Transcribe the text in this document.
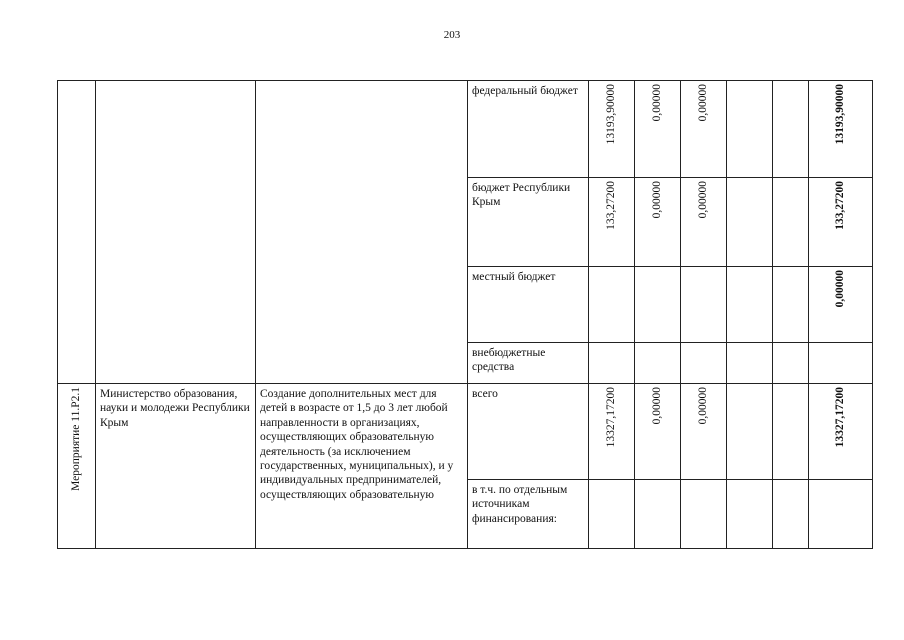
203
			федеральный бюджет	13193,90000	0,00000	0,00000			13193,90000

			бюджет Республики Крым	133,27200	0,00000	0,00000			133,27200

			местный бюджет						0,00000

			внебюджетные средства	

Мероприятие 11.Р2.1	Министерство образования, науки и молодежи Республики Крым	Создание дополнительных мест для детей в возрасте от 1,5 до 3 лет любой направленности в организациях, осуществляющих образовательную деятельность (за исключением государственных, муниципальных), и у индивидуальных предпринимателей, осуществляющих образовательную	всего	13327,17200	0,00000	0,00000			13327,17200

			в т.ч. по отдельным источникам финансирования:	
